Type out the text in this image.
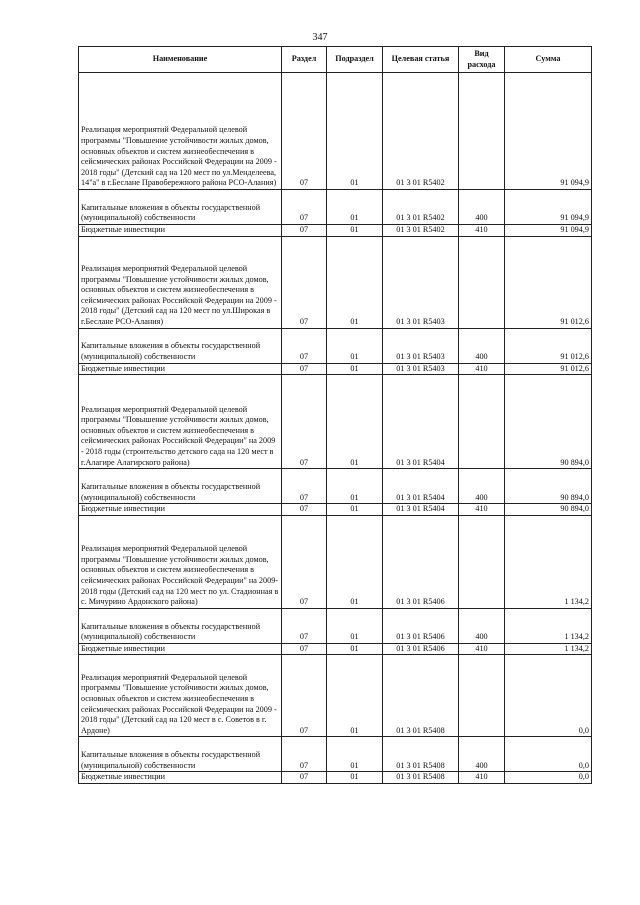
347
Наименование	Раздел	Подраздел	Целевая статья	Вид расхода	Сумма
Реализация мероприятий Федеральной целевой программы "Повышение устойчивости жилых домов, основных объектов и систем жизнеобеспечения в сейсмических районах Российской Федерации на 2009 - 2018 годы" (Детский сад на 120 мест по ул.Менделеева, 14"а" в г.Беслане Правобережного района РСО-Алания)	07	01	01 3 01 R5402		91 094,9
Капитальные вложения в объекты государственной (муниципальной) собственности	07	01	01 3 01 R5402	400	91 094,9
Бюджетные инвестиции	07	01	01 3 01 R5402	410	91 094,9
Реализация мероприятий Федеральной целевой программы "Повышение устойчивости жилых домов, основных объектов и систем жизнеобеспечения в сейсмических районах Российской Федерации на 2009 - 2018 годы" (Детский сад на 120 мест по ул.Широкая в г.Беслане РСО-Алания)	07	01	01 3 01 R5403		91 012,6
Капитальные вложения в объекты государственной (муниципальной) собственности	07	01	01 3 01 R5403	400	91 012,6
Бюджетные инвестиции	07	01	01 3 01 R5403	410	91 012,6
Реализация мероприятий Федеральной целевой программы "Повышение устойчивости жилых домов, основных объектов и систем жизнеобеспечения в сейсмических районах Российской Федерации" на 2009 - 2018 годы (строительство детского сада на 120 мест в г.Алагире Алагирского района)	07	01	01 3 01 R5404		90 894,0
Капитальные вложения в объекты государственной (муниципальной) собственности	07	01	01 3 01 R5404	400	90 894,0
Бюджетные инвестиции	07	01	01 3 01 R5404	410	90 894,0
Реализация мероприятий Федеральной целевой программы "Повышение устойчивости жилых домов, основных объектов и систем жизнеобеспечения в сейсмических районах Российской Федерации" на 2009-2018 годы (Детский сад на 120 мест по ул. Стадионная в с. Мичурино Ардонского района)	07	01	01 3 01 R5406		1 134,2
Капитальные вложения в объекты государственной (муниципальной) собственности	07	01	01 3 01 R5406	400	1 134,2
Бюджетные инвестиции	07	01	01 3 01 R5406	410	1 134,2
Реализация мероприятий Федеральной целевой программы "Повышение устойчивости жилых домов, основных объектов и систем жизнеобеспечения в сейсмических районах Российской Федерации на 2009 - 2018 годы" (Детский сад на 120 мест в с. Советов в г. Ардоне)	07	01	01 3 01 R5408		0,0
Капитальные вложения в объекты государственной (муниципальной) собственности	07	01	01 3 01 R5408	400	0,0
Бюджетные инвестиции	07	01	01 3 01 R5408	410	0,0
